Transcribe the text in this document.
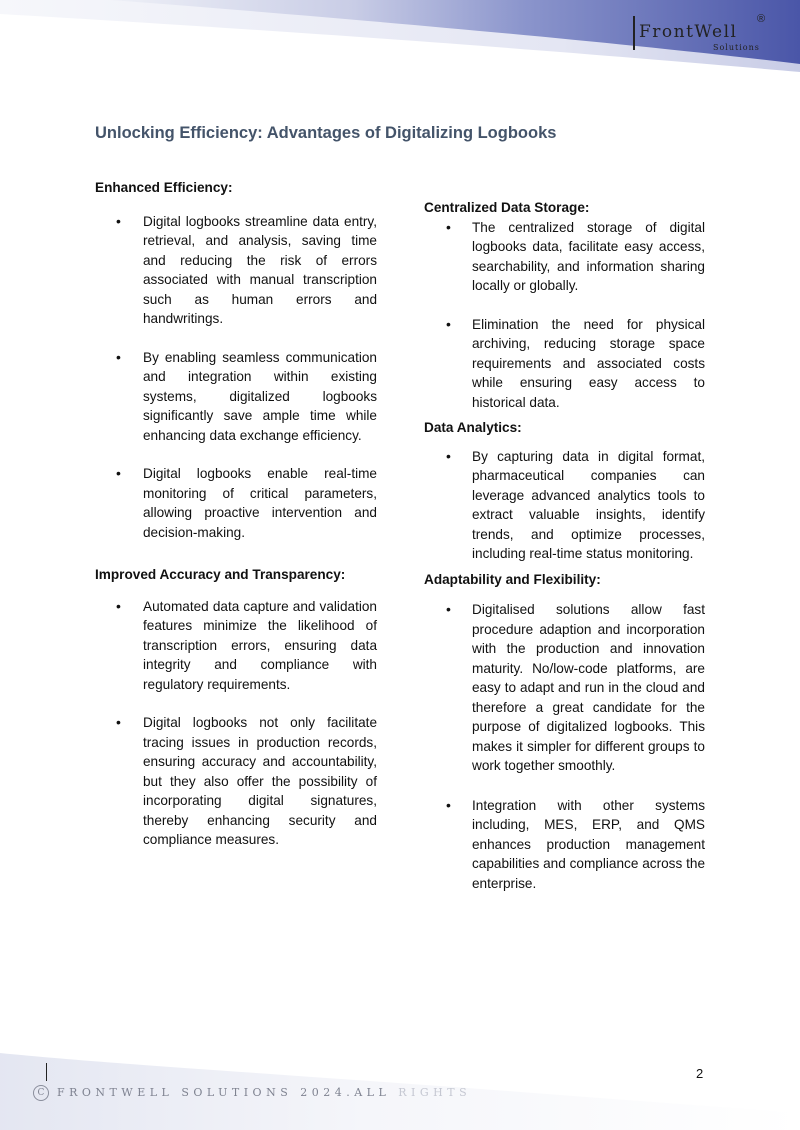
FrontWell
Solutions
®
Unlocking Efficiency: Advantages of Digitalizing Logbooks

Enhanced Efficiency:

• Digital logbooks streamline data entry, retrieval, and analysis, saving time and reducing the risk of errors associated with manual transcription such as human errors and handwritings.
• By enabling seamless communication and integration within existing systems, digitalized logbooks significantly save ample time while enhancing data exchange efficiency.
• Digital logbooks enable real-time monitoring of critical parameters, allowing proactive intervention and decision-making.

Improved Accuracy and Transparency:

• Automated data capture and validation features minimize the likelihood of transcription errors, ensuring data integrity and compliance with regulatory requirements.
• Digital logbooks not only facilitate tracing issues in production records, ensuring accuracy and accountability, but they also offer the possibility of incorporating digital signatures, thereby enhancing security and compliance measures.

Centralized Data Storage:

• The centralized storage of digital logbooks data, facilitate easy access, searchability, and information sharing locally or globally.
• Elimination the need for physical archiving, reducing storage space requirements and associated costs while ensuring easy access to historical data.

Data Analytics:

• By capturing data in digital format, pharmaceutical companies can leverage advanced analytics tools to extract valuable insights, identify trends, and optimize processes, including real-time status monitoring.

Adaptability and Flexibility:

• Digitalised solutions allow fast procedure adaption and incorporation with the production and innovation maturity. No/low-code platforms, are easy to adapt and run in the cloud and therefore a great candidate for the purpose of digitalized logbooks. This makes it simpler for different groups to work together smoothly.
• Integration with other systems including, MES, ERP, and QMS enhances production management capabilities and compliance across the enterprise.
C FRONTWELL SOLUTIONS 2024.ALL RIGHTS
2
